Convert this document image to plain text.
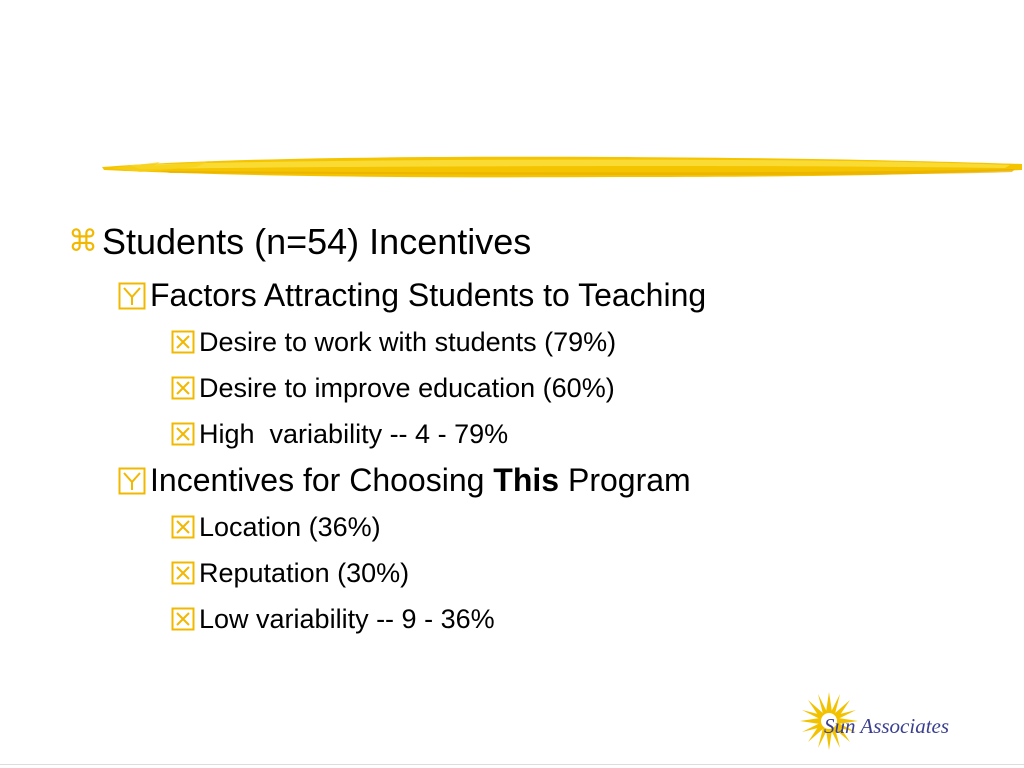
⌘ Students (n=54) Incentives
Factors Attracting Students to Teaching
Desire to work with students (79%)
Desire to improve education (60%)
High  variability -- 4 - 79%
Incentives for Choosing This Program
Location (36%)
Reputation (30%)
Low variability -- 9 - 36%
Sun Associates
